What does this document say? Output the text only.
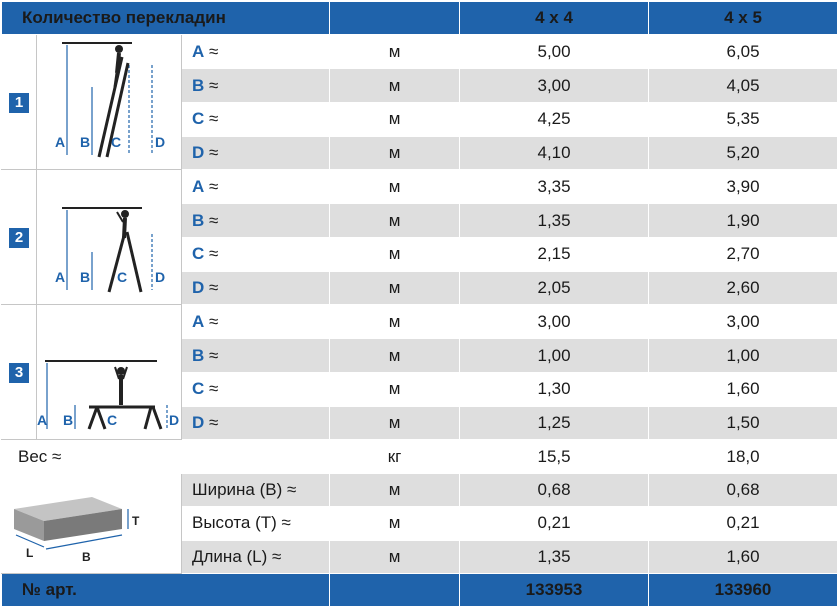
Количество перекладин				4 x 4	4 x 5
1	A B C D	A ≈	м	5,00	6,05
		B ≈	м	3,00	4,05
		C ≈	м	4,25	5,35
		D ≈	м	4,10	5,20
2	A B C D	A ≈	м	3,35	3,90
		B ≈	м	1,35	1,90
		C ≈	м	2,15	2,70
		D ≈	м	2,05	2,60
3	A B C D	A ≈	м	3,00	3,00
		B ≈	м	1,00	1,00
		C ≈	м	1,30	1,60
		D ≈	м	1,25	1,50
Вес ≈			кг	15,5	18,0

T
L B		Ширина (B) ≈	м	0,68	0,68
		Высота (T) ≈	м	0,21	0,21
		Длина (L) ≈	м	1,35	1,60
№ арт.				133953	133960
